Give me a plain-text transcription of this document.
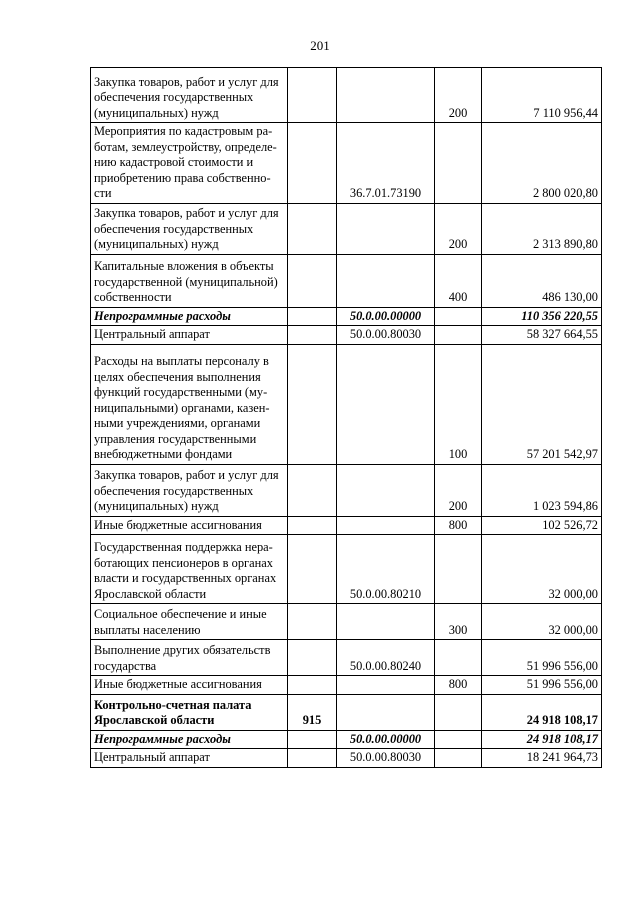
201
Закупка товаров, работ и услуг для обеспечения государственных (муниципальных) нужд			200	7 110 956,44
Мероприятия по кадастровым ра-ботам, землеустройству, определе-нию кадастровой стоимости и приобретению права собственно-сти		36.7.01.73190		2 800 020,80
Закупка товаров, работ и услуг для обеспечения государственных (муниципальных) нужд			200	2 313 890,80
Капитальные вложения в объекты государственной (муниципальной) собственности			400	486 130,00
Непрограммные расходы		50.0.00.00000		110 356 220,55
Центральный аппарат		50.0.00.80030		58 327 664,55
Расходы на выплаты персоналу в целях обеспечения выполнения функций государственными (му-ниципальными) органами, казен-ными учреждениями, органами управления государственными внебюджетными фондами			100	57 201 542,97
Закупка товаров, работ и услуг для обеспечения государственных (муниципальных) нужд			200	1 023 594,86
Иные бюджетные ассигнования			800	102 526,72
Государственная поддержка нера-ботающих пенсионеров в органах власти и государственных органах Ярославской области		50.0.00.80210		32 000,00
Социальное обеспечение и иные выплаты населению			300	32 000,00
Выполнение других обязательств государства		50.0.00.80240		51 996 556,00
Иные бюджетные ассигнования			800	51 996 556,00
Контрольно-счетная палата Ярославской области	915			24 918 108,17
Непрограммные расходы		50.0.00.00000		24 918 108,17
Центральный аппарат		50.0.00.80030		18 241 964,73
